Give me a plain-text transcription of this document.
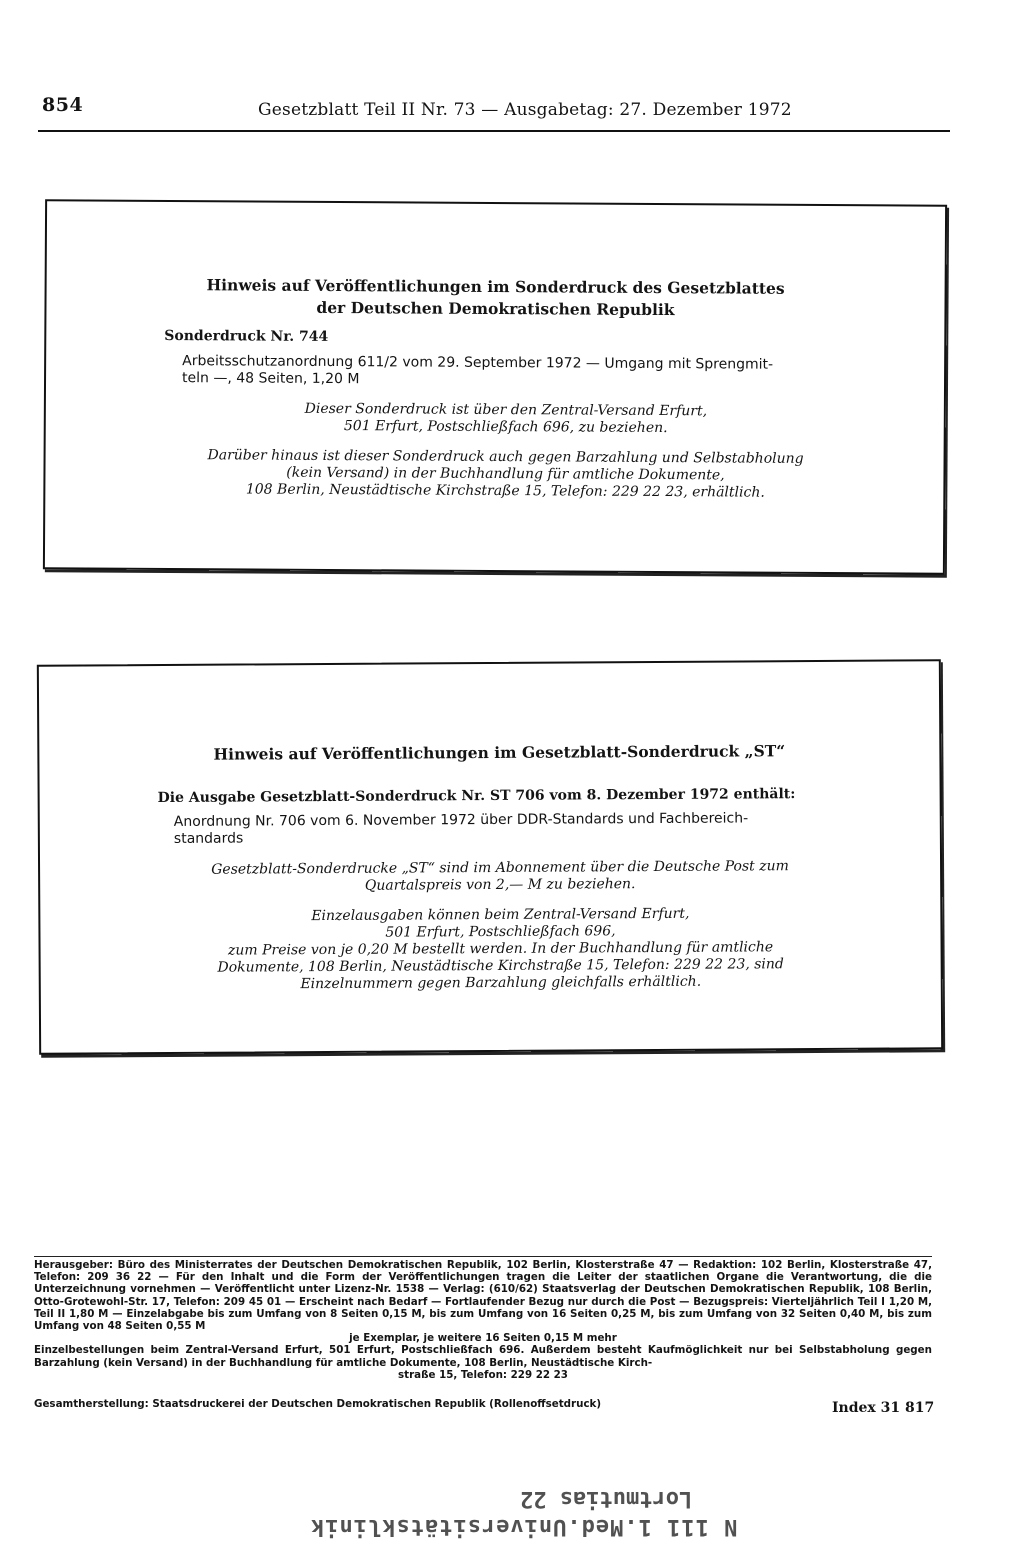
854	Gesetzblatt Teil II Nr. 73 — Ausgabetag: 27. Dezember 1972
Hinweis auf Veröffentlichungen im Sonderdruck des Gesetzblattes
der Deutschen Demokratischen Republik
Sonderdruck Nr. 744
Arbeitsschutzanordnung 611/2 vom 29. September 1972 — Umgang mit Sprengmit-
teln —, 48 Seiten, 1,20 M
Dieser Sonderdruck ist über den Zentral-Versand Erfurt,
501 Erfurt, Postschließfach 696, zu beziehen.
Darüber hinaus ist dieser Sonderdruck auch gegen Barzahlung und Selbstabholung
(kein Versand) in der Buchhandlung für amtliche Dokumente,
108 Berlin, Neustädtische Kirchstraße 15, Telefon: 229 22 23, erhältlich.
Hinweis auf Veröffentlichungen im Gesetzblatt-Sonderdruck „ST“
Die Ausgabe Gesetzblatt-Sonderdruck Nr. ST 706 vom 8. Dezember 1972 enthält:
Anordnung Nr. 706 vom 6. November 1972 über DDR-Standards und Fachbereich-
standards
Gesetzblatt-Sonderdrucke „ST“ sind im Abonnement über die Deutsche Post zum
Quartalspreis von 2,— M zu beziehen.
Einzelausgaben können beim Zentral-Versand Erfurt,
501 Erfurt, Postschließfach 696,
zum Preise von je 0,20 M bestellt werden. In der Buchhandlung für amtliche
Dokumente, 108 Berlin, Neustädtische Kirchstraße 15, Telefon: 229 22 23, sind
Einzelnummern gegen Barzahlung gleichfalls erhältlich.

Herausgeber: Büro des Ministerrates der Deutschen Demokratischen Republik, 102 Berlin, Klosterstraße 47 — Redaktion: 102 Berlin, Klosterstraße 47, Telefon: 209 36 22 — Für den Inhalt und die Form der Veröffentlichungen tragen die Leiter der staatlichen Organe die Verantwortung, die die Unterzeichnung vornehmen — Veröffentlicht unter Lizenz-Nr. 1538 — Verlag: (610/62) Staatsverlag der Deutschen Demokratischen Republik, 108 Berlin, Otto-Grotewohl-Str. 17, Telefon: 209 45 01 — Erscheint nach Bedarf — Fortlaufender Bezug nur durch die Post — Bezugspreis: Vierteljährlich Teil I 1,20 M, Teil II 1,80 M — Einzelabgabe bis zum Umfang von 8 Seiten 0,15 M, bis zum Umfang von 16 Seiten 0,25 M, bis zum Umfang von 32 Seiten 0,40 M, bis zum Umfang von 48 Seiten 0,55 M

je Exemplar, je weitere 16 Seiten 0,15 M mehr

Einzelbestellungen beim Zentral-Versand Erfurt, 501 Erfurt, Postschließfach 696. Außerdem besteht Kaufmöglichkeit nur bei Selbstabholung gegen Barzahlung (kein Versand) in der Buchhandlung für amtliche Dokumente, 108 Berlin, Neustädtische Kirch-

straße 15, Telefon: 229 22 23

Gesamtherstellung: Staatsdruckerei der Deutschen Demokratischen Republik (Rollenoffsetdruck)	Index 31 817
Lortmutias 22
N 111 1.Med.Universitätsklinik
